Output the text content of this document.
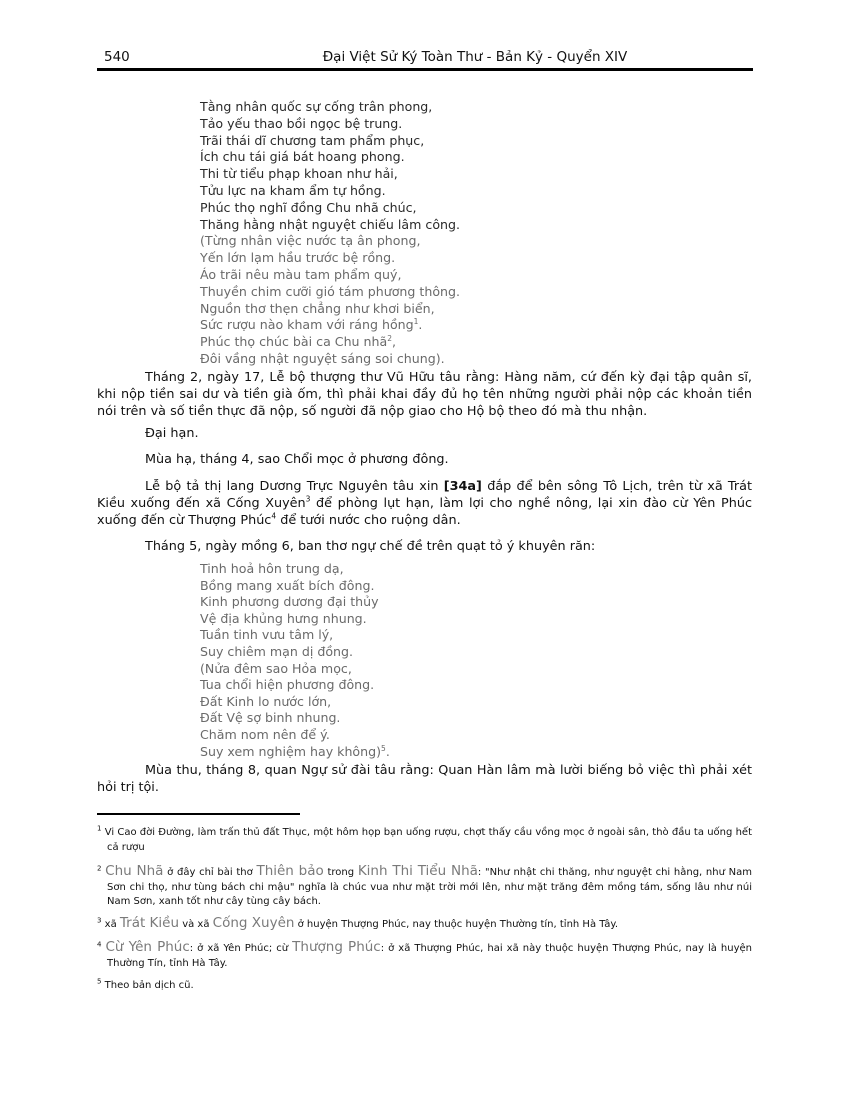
540	Đại Việt Sử Ký Toàn Thư - Bản Kỷ - Quyển XIV
Tằng nhân quốc sự cống trân phong,
Tảo yếu thao bồi ngọc bệ trung.
Trãi thái dĩ chương tam phẩm phục,
Ích chu tái giá bát hoang phong.
Thi từ tiểu phạp khoan như hải,
Tửu lực na kham ẩm tự hồng.
Phúc thọ nghĩ đồng Chu nhã chúc,
Thăng hằng nhật nguyệt chiếu lâm công.
(Từng nhân việc nước tạ ân phong,
Yến lớn lạm hầu trước bệ rồng.
Áo trãi nêu màu tam phẩm quý,
Thuyền chim cưỡi gió tám phương thông.
Nguồn thơ thẹn chẳng như khơi biển,
Sức rượu nào kham với ráng hồng$^1$.
Phúc thọ chúc bài ca Chu nhã$^2$,
Đôi vầng nhật nguyệt sáng soi chung).
Tháng 2, ngày 17, Lễ bộ thượng thư Vũ Hữu tâu rằng: Hàng năm, cứ đến kỳ đại tập quân sĩ, khi nộp tiền sai dư và tiền già ốm, thì phải khai đầy đủ họ tên những người phải nộp các khoản tiền nói trên và số tiền thực đã nộp, số người đã nộp giao cho Hộ bộ theo đó mà thu nhận.
Đại hạn.
Mùa hạ, tháng 4, sao Chổi mọc ở phương đông.
Lễ bộ tả thị lang Dương Trực Nguyên tâu xin [34a] đắp để bên sông Tô Lịch, trên từ xã Trát Kiều xuống đến xã Cống Xuyên$^3$ để phòng lụt hạn, làm lợi cho nghề nông, lại xin đào cừ Yên Phúc xuống đến cừ Thượng Phúc$^4$ để tưới nước cho ruộng dân.
Tháng 5, ngày mồng 6, ban thơ ngự chế đề trên quạt tỏ ý khuyên răn:
Tinh hoả hôn trung dạ,
Bồng mang xuất bích đông.
Kinh phương dương đại thủy
Vệ địa khủng hưng nhung.
Tuần tinh vưu tâm lý,
Suy chiêm mạn dị đồng.
(Nửa đêm sao Hỏa mọc,
Tua chổi hiện phương đông.
Đất Kinh lo nước lớn,
Đất Vệ sợ binh nhung.
Chăm nom nên để ý.
Suy xem nghiệm hay không)$^5$.
Mùa thu, tháng 8, quan Ngự sử đài tâu rằng: Quan Hàn lâm mà lười biếng bỏ việc thì phải xét hỏi trị tội.
$^1$ Vi Cao đời Đường, làm trấn thủ đất Thục, một hôm họp bạn uống rượu, chợt thấy cầu vồng mọc ở ngoài sân, thò đầu ta uống hết cả rượu
$^2$ Chu Nhã ở đây chỉ bài thơ Thiên bảo trong Kinh Thi Tiểu Nhã: "Như nhật chi thăng, như nguyệt chi hằng, như Nam Sơn chi thọ, như tùng bách chi mậu" nghĩa là chúc vua như mặt trời mới lên, như mặt trăng đêm mồng tám, sống lâu như núi Nam Sơn, xanh tốt như cây tùng cây bách.
$^3$ xã Trát Kiều và xã Cống Xuyên ở huyện Thượng Phúc, nay thuộc huyện Thường tín, tỉnh Hà Tây.
$^4$ Cừ Yên Phúc: ở xã Yên Phúc; cừ Thượng Phúc: ở xã Thượng Phúc, hai xã này thuộc huyện Thượng Phúc, nay là huyện Thường Tín, tỉnh Hà Tây.
$^5$ Theo bản dịch cũ.
